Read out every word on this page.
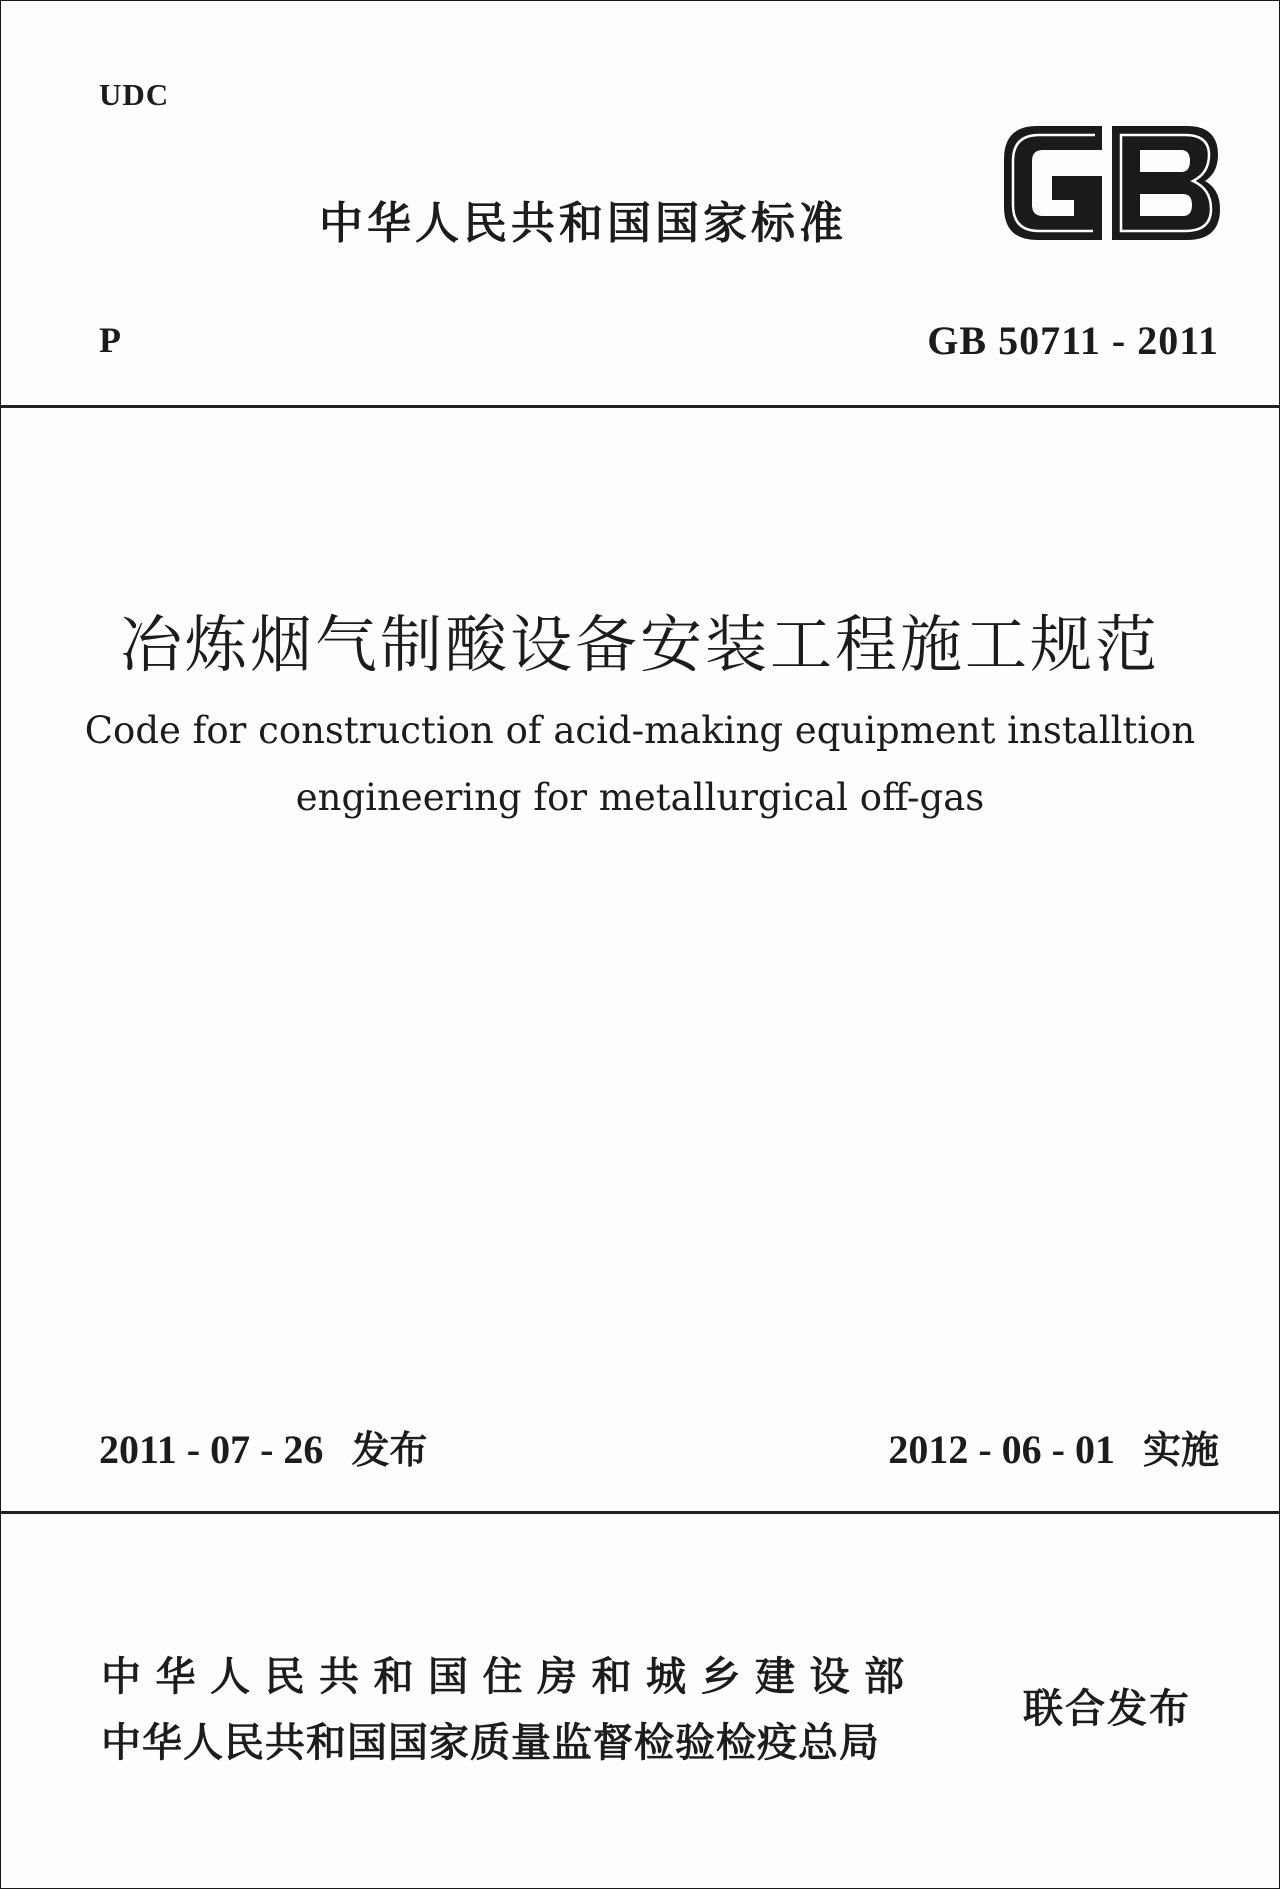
UDC
中华人民共和国国家标准
P	GB 50711 - 2011
冶炼烟气制酸设备安装工程施工规范
Code for construction of acid-making equipment installtion
engineering for metallurgical off-gas
2011 - 07 - 26 发布	2012 - 06 - 01 实施
中华人民共和国住房和城乡建设部
中华人民共和国国家质量监督检验检疫总局
联合发布
